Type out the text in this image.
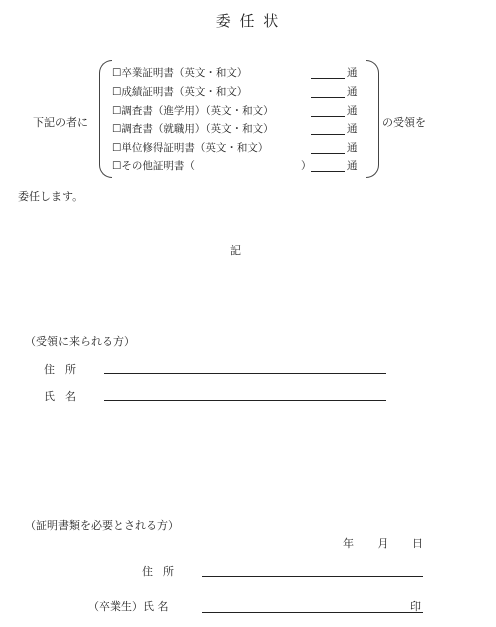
委 任 状
下記の者に	の受領を
☐卒業証明書（英文・和文）	通
☐成績証明書（英文・和文）	通
☐調査書（進学用）（英文・和文）	通
☐調査書（就職用）（英文・和文）	通
☐単位修得証明書（英文・和文）	通
☐その他証明書（	）	通
委任します。
記
（受領に来られる方）
住所
氏名
（証明書類を必要とされる方）
年 月 日
住所
（卒業生）氏 名	印
